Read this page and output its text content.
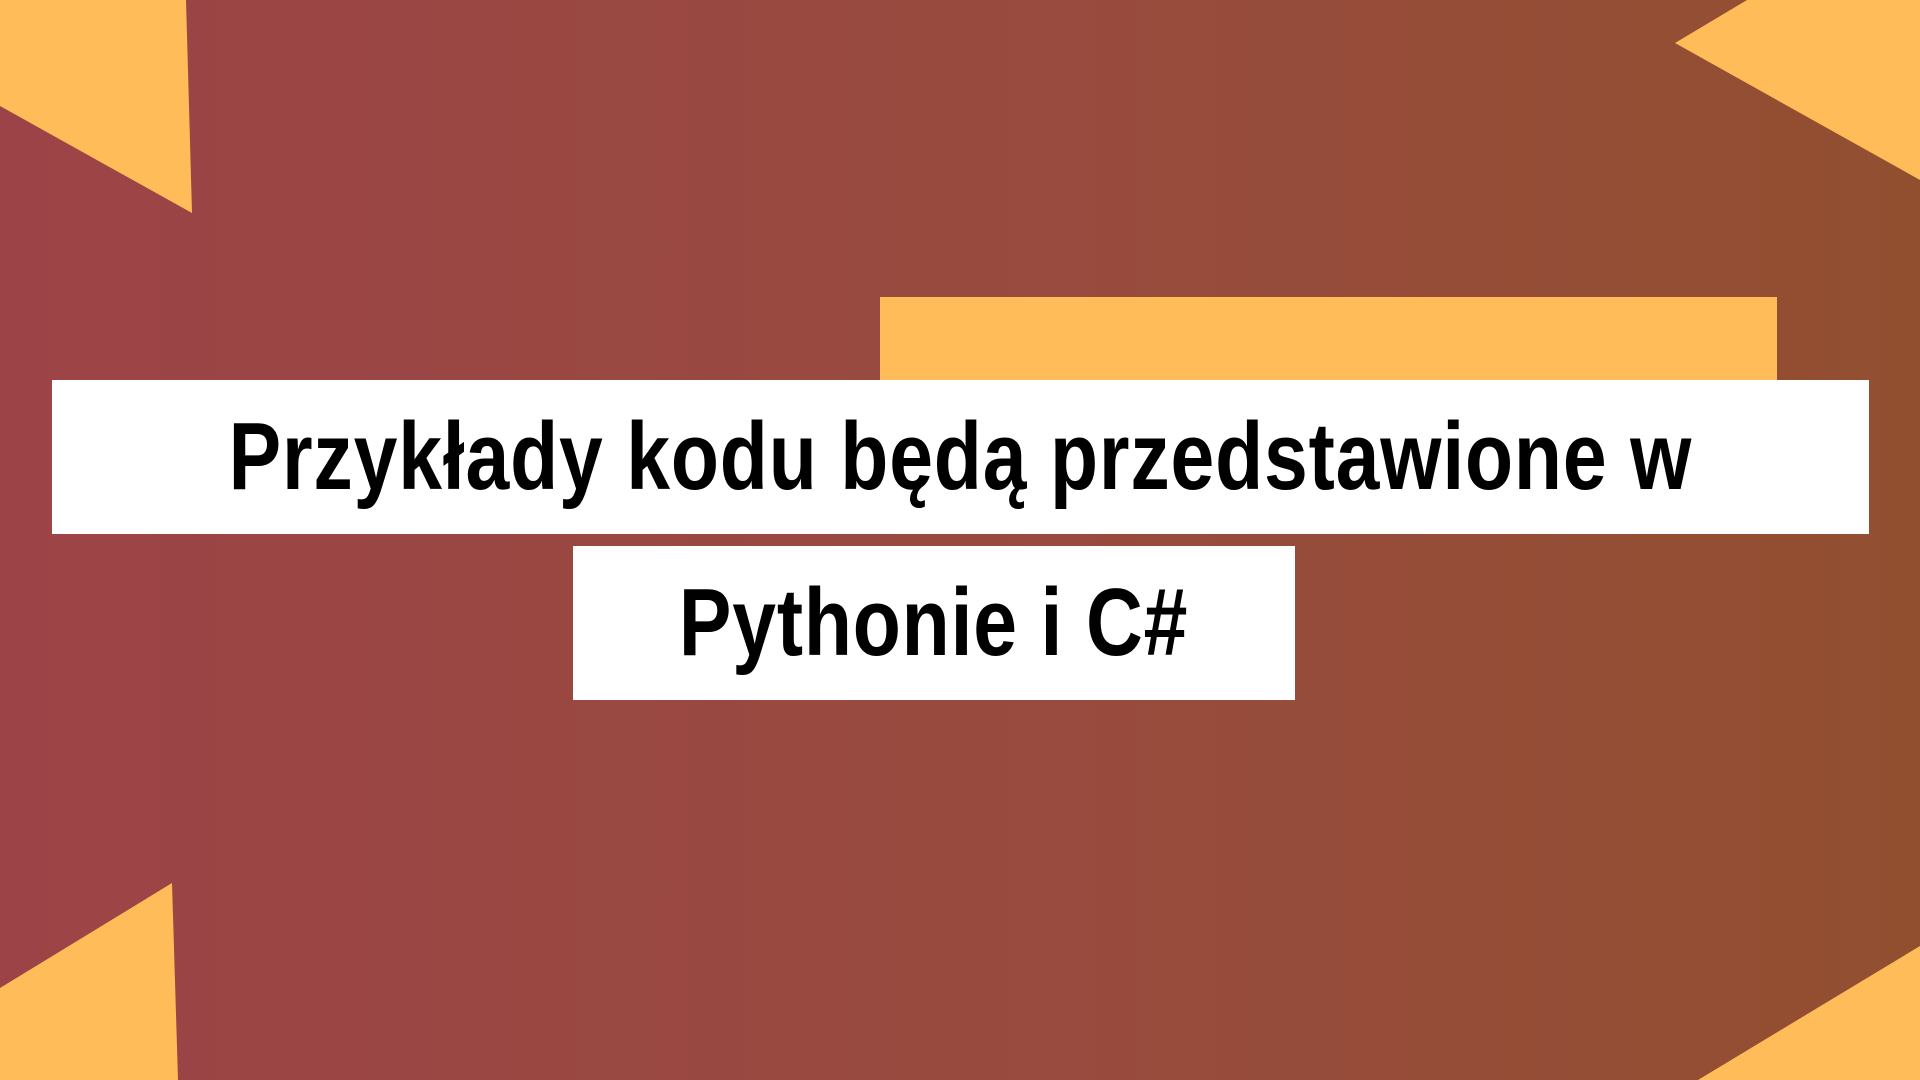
Przykłady kodu będą przedstawione w
Pythonie i C#
